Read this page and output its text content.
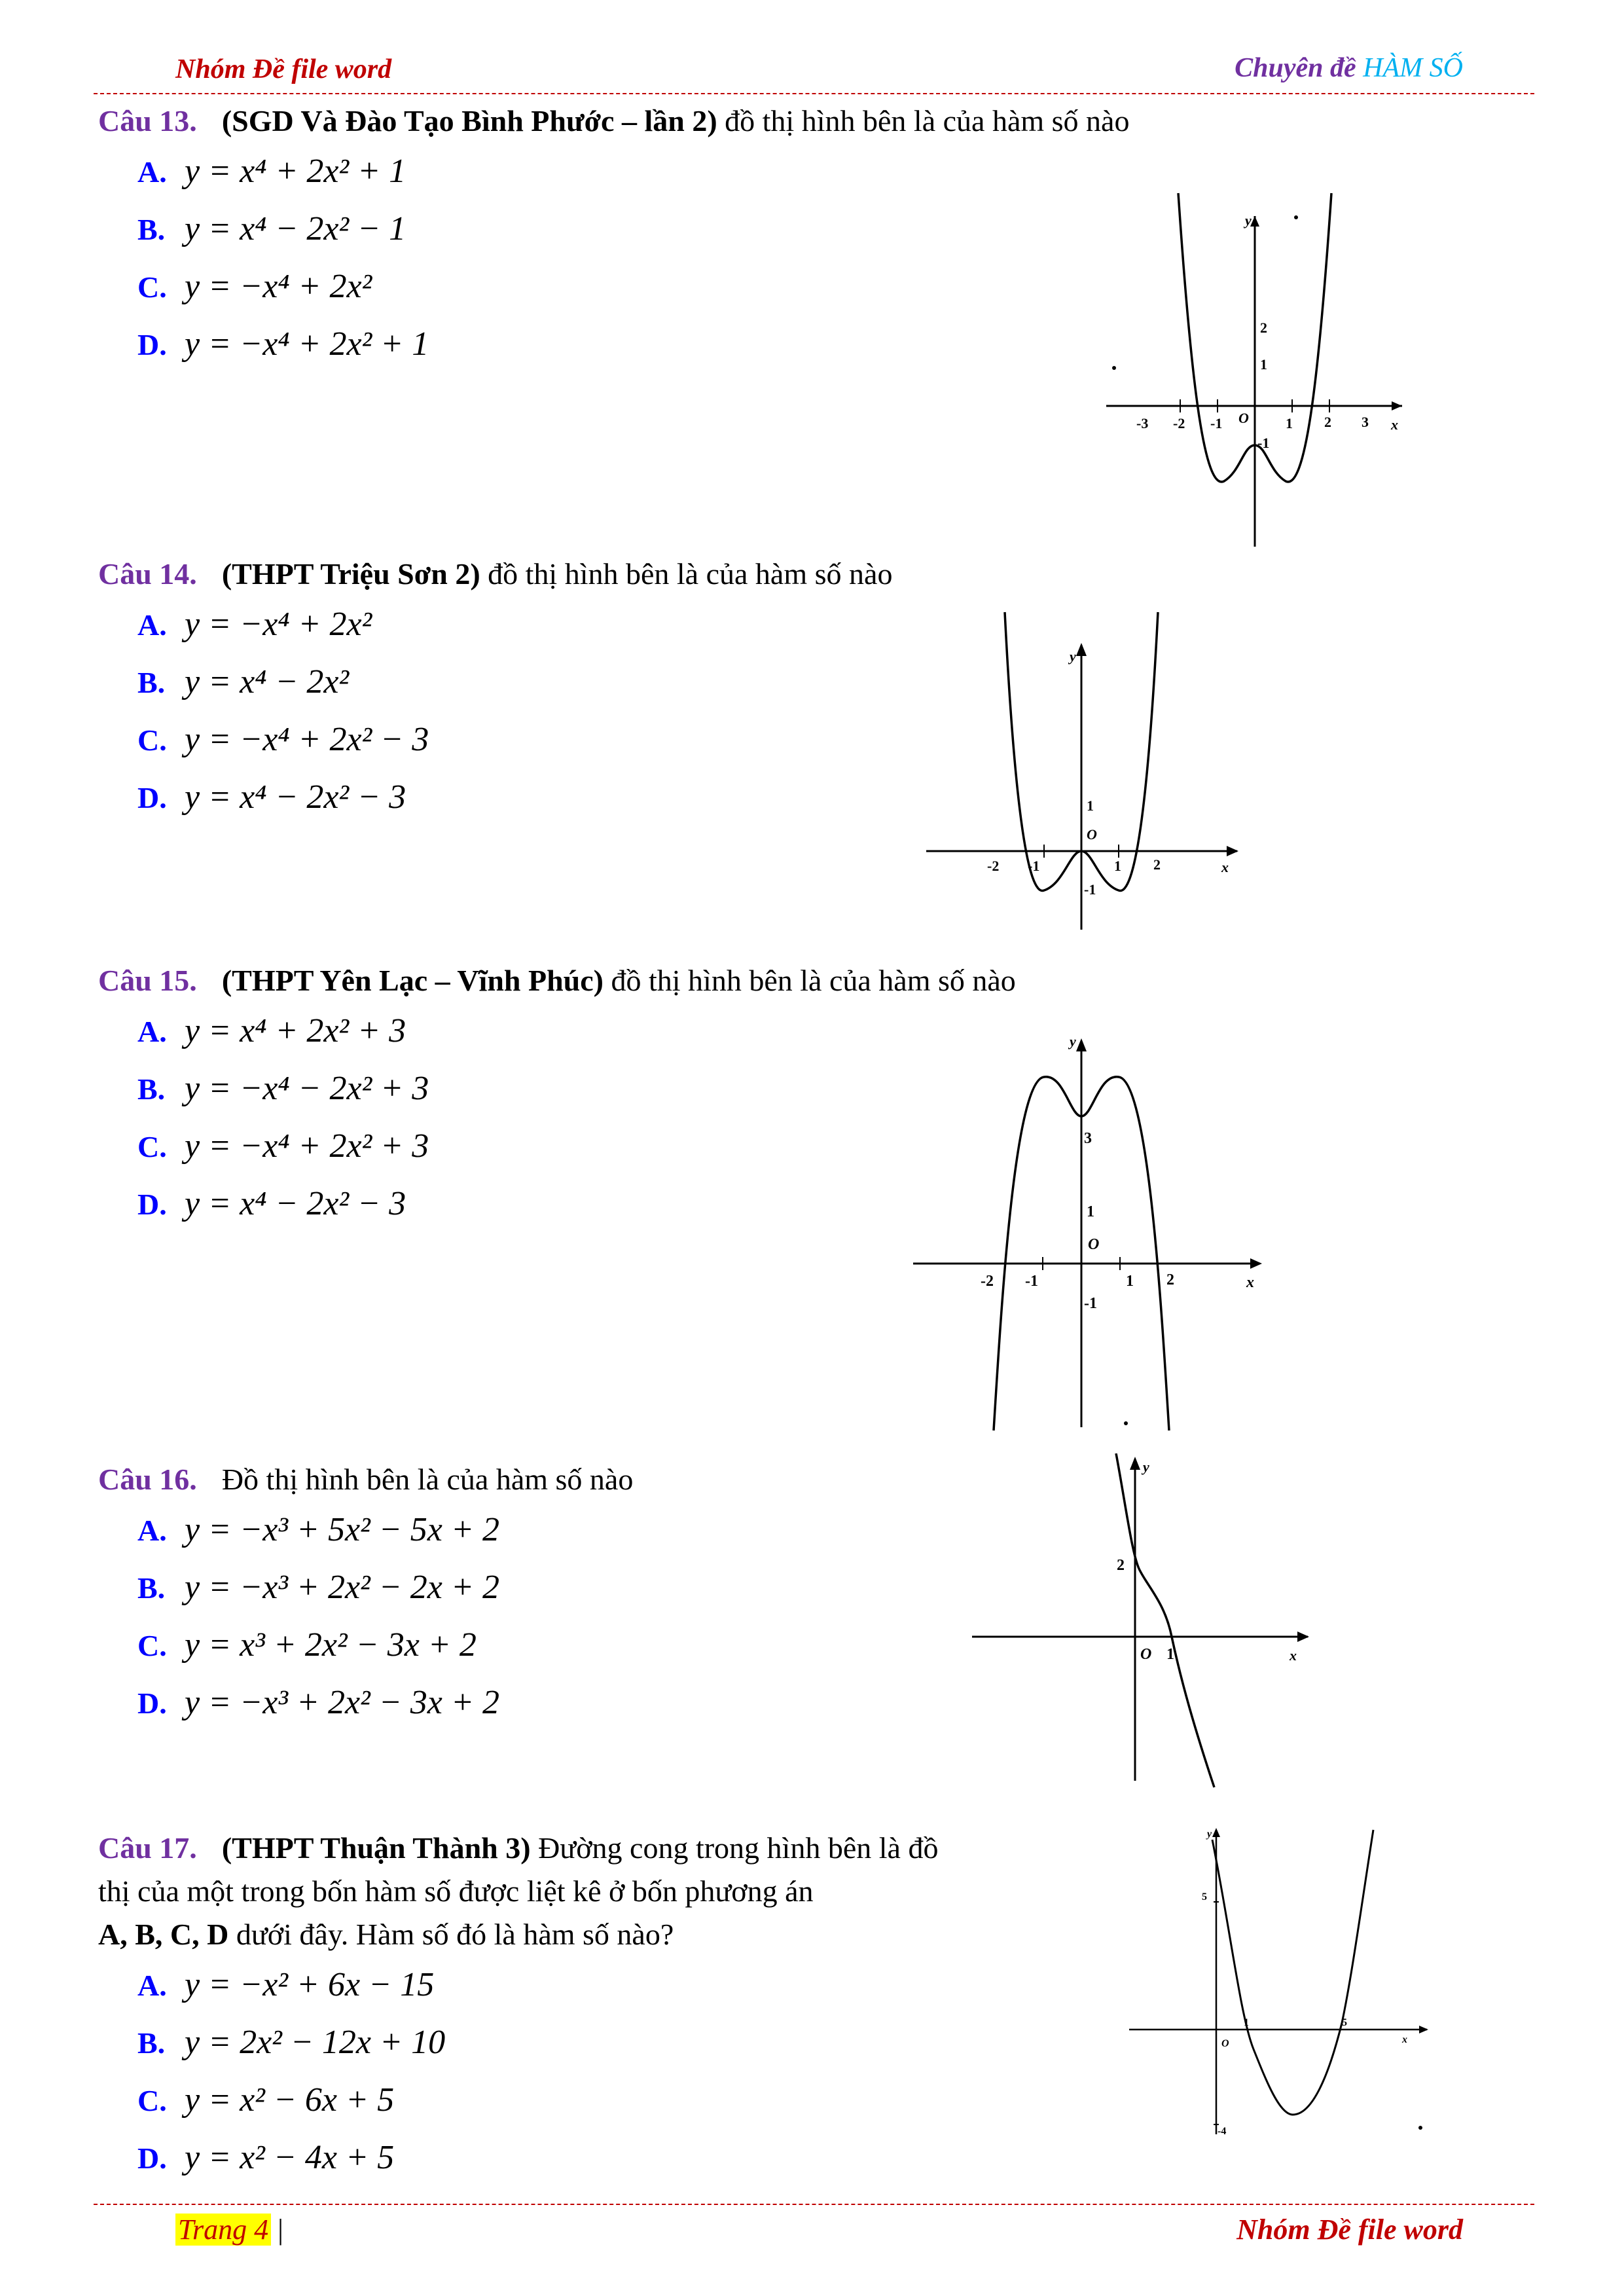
Nhóm Đề file word	Chuyên đề HÀM SỐ
Câu 13. (SGD Và Đào Tạo Bình Phước – lần 2) đồ thị hình bên là của hàm số nào
A. y = x⁴ + 2x² + 1
B. y = x⁴ − 2x² − 1
C. y = −x⁴ + 2x²
D. y = −x⁴ + 2x² + 1
-3 -2 -1	1 2 3 x
y
2
1
-1
O
Câu 14. (THPT Triệu Sơn 2) đồ thị hình bên là của hàm số nào
A. y = −x⁴ + 2x²
B. y = x⁴ − 2x²
C. y = −x⁴ + 2x² − 3
D. y = x⁴ − 2x² − 3
-2 -1	1 2	x
y
1
-1
O
Câu 15. (THPT Yên Lạc – Vĩnh Phúc) đồ thị hình bên là của hàm số nào
A. y = x⁴ + 2x² + 3
B. y = −x⁴ − 2x² + 3
C. y = −x⁴ + 2x² + 3
D. y = x⁴ − 2x² − 3
-2 -1	1 2	x
y
3
1
-1
O
Câu 16. Đồ thị hình bên là của hàm số nào
A. y = −x³ + 5x² − 5x + 2
B. y = −x³ + 2x² − 2x + 2
C. y = x³ + 2x² − 3x + 2
D. y = −x³ + 2x² − 3x + 2
y
2
O 1	x
Câu 17. (THPT Thuận Thành 3) Đường cong trong hình bên là đồ
thị của một trong bốn hàm số được liệt kê ở bốn phương án
A, B, C, D dưới đây. Hàm số đó là hàm số nào?
A. y = −x² + 6x − 15
B. y = 2x² − 12x + 10
C. y = x² − 6x + 5
D. y = x² − 4x + 5
5
-4
1	5
O	x
y
Trang 4 |	Nhóm Đề file word
